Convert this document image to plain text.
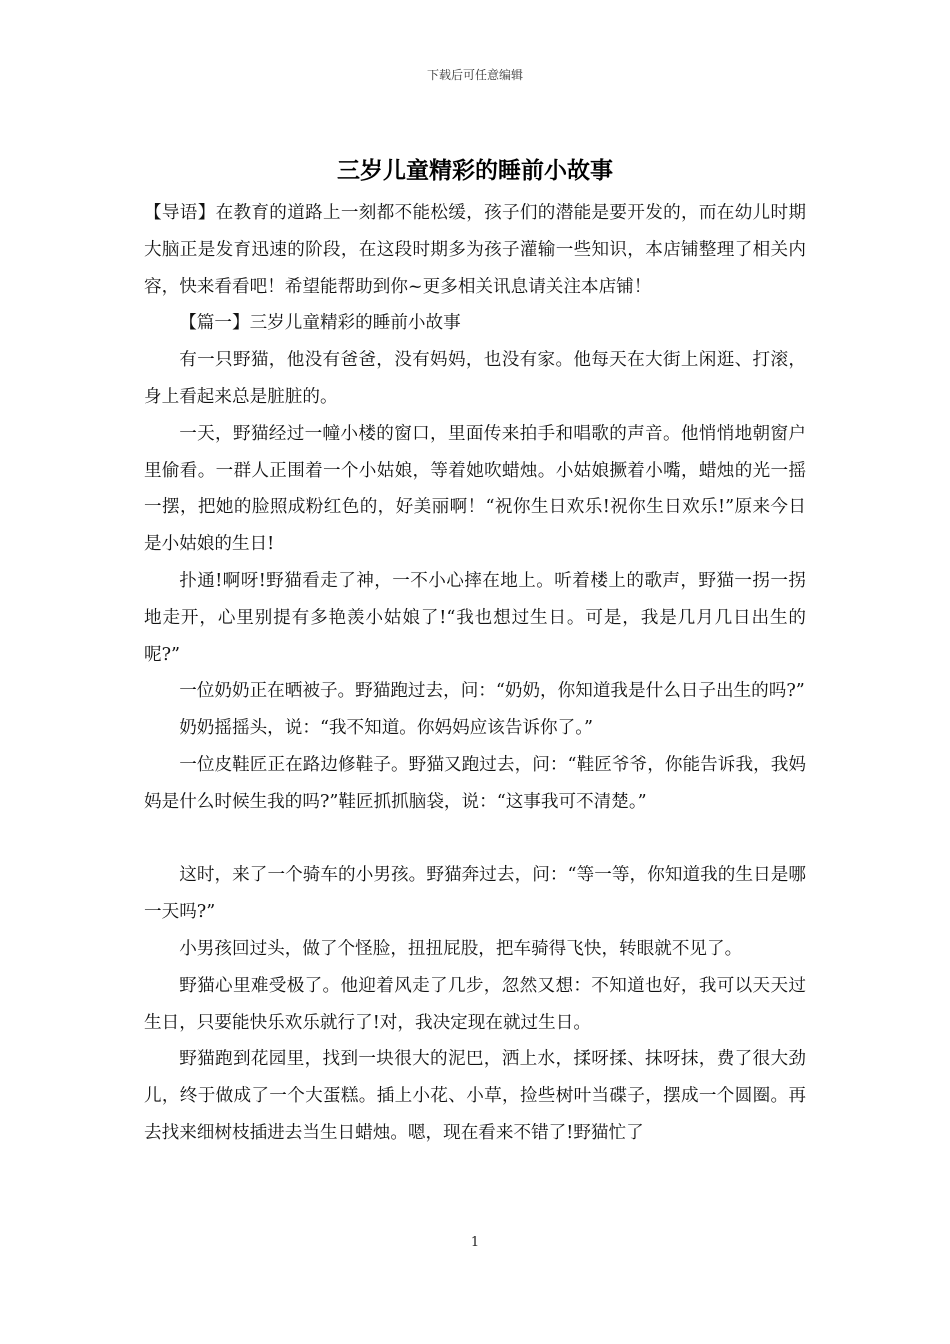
下载后可任意编辑
三岁儿童精彩的睡前小故事

【导语】在教育的道路上一刻都不能松缓，孩子们的潜能是要开发的，而在幼儿时期大脑正是发育迅速的阶段，在这段时期多为孩子灌输一些知识，本店铺整理了相关内容，快来看看吧！希望能帮助到你~更多相关讯息请关注本店铺！

【篇一】三岁儿童精彩的睡前小故事

有一只野猫，他没有爸爸，没有妈妈，也没有家。他每天在大街上闲逛、打滚，身上看起来总是脏脏的。

一天，野猫经过一幢小楼的窗口，里面传来拍手和唱歌的声音。他悄悄地朝窗户里偷看。一群人正围着一个小姑娘，等着她吹蜡烛。小姑娘撅着小嘴，蜡烛的光一摇一摆，把她的脸照成粉红色的，好美丽啊！“祝你生日欢乐!祝你生日欢乐!”原来今日是小姑娘的生日!

扑通!啊呀!野猫看走了神，一不小心摔在地上。听着楼上的歌声，野猫一拐一拐地走开，心里别提有多艳羡小姑娘了!“我也想过生日。可是，我是几月几日出生的呢?”

一位奶奶正在晒被子。野猫跑过去，问：“奶奶，你知道我是什么日子出生的吗?”

奶奶摇摇头，说：“我不知道。你妈妈应该告诉你了。”

一位皮鞋匠正在路边修鞋子。野猫又跑过去，问：“鞋匠爷爷，你能告诉我，我妈妈是什么时候生我的吗?”鞋匠抓抓脑袋，说：“这事我可不清楚。”

这时，来了一个骑车的小男孩。野猫奔过去，问：“等一等，你知道我的生日是哪一天吗?”

小男孩回过头，做了个怪脸，扭扭屁股，把车骑得飞快，转眼就不见了。

野猫心里难受极了。他迎着风走了几步，忽然又想：不知道也好，我可以天天过生日，只要能快乐欢乐就行了!对，我决定现在就过生日。

野猫跑到花园里，找到一块很大的泥巴，洒上水，揉呀揉、抹呀抹，费了很大劲儿，终于做成了一个大蛋糕。插上小花、小草，捡些树叶当碟子，摆成一个圆圈。再去找来细树枝插进去当生日蜡烛。嗯，现在看来不错了!野猫忙了

1
